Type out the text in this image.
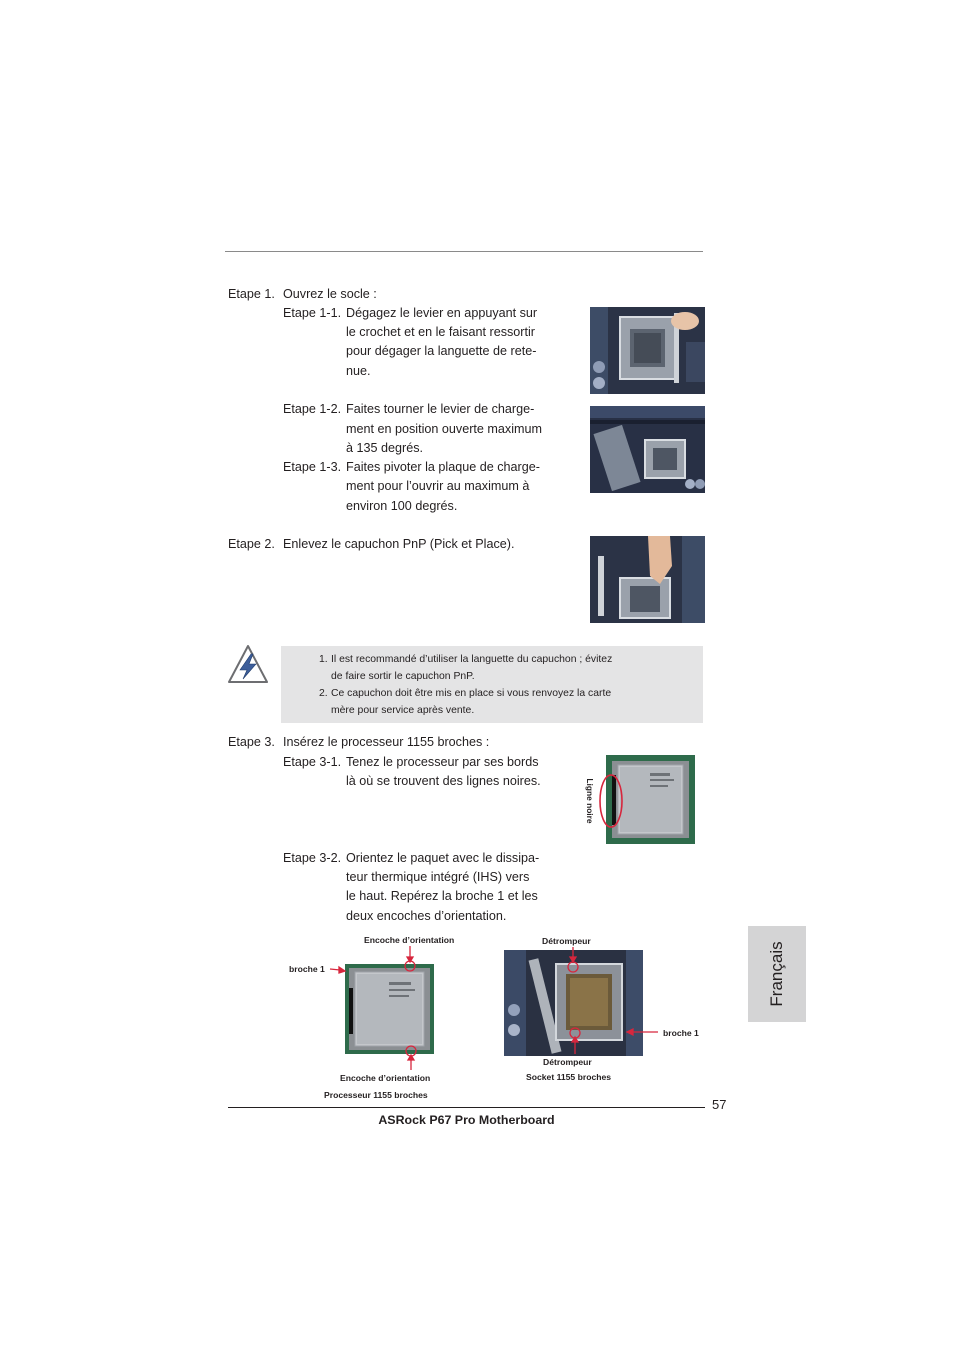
Etape 1. Ouvrez le socle :
Etape 1-1. Dégagez le levier en appuyant sur
le crochet et en le faisant ressortir
pour dégager la languette de rete-
nue.
Etape 1-2. Faites tourner le levier de charge-
ment en position ouverte maximum
à 135 degrés.
Etape 1-3. Faites pivoter la plaque de charge-
ment pour l’ouvrir au maximum à
environ 100 degrés.
Etape 2. Enlevez le capuchon PnP (Pick et Place).
1. Il est recommandé d’utiliser la languette du capuchon ; évitez
de faire sortir le capuchon PnP.
2. Ce capuchon doit être mis en place si vous renvoyez la carte
mère pour service après vente.
Etape 3. Insérez le processeur 1155 broches :
Etape 3-1. Tenez le processeur par ses bords
là où se trouvent des lignes noires.	Ligne noire
Etape 3-2. Orientez le paquet avec le dissipa-
teur thermique intégré (IHS) vers
le haut. Repérez la broche 1 et les
deux encoches d’orientation.
Encoche d’orientation
broche 1
Encoche d’orientation
Processeur 1155 broches
Détrompeur
broche 1
Détrompeur
Socket 1155 broches
Français
57
ASRock P67 Pro Motherboard
